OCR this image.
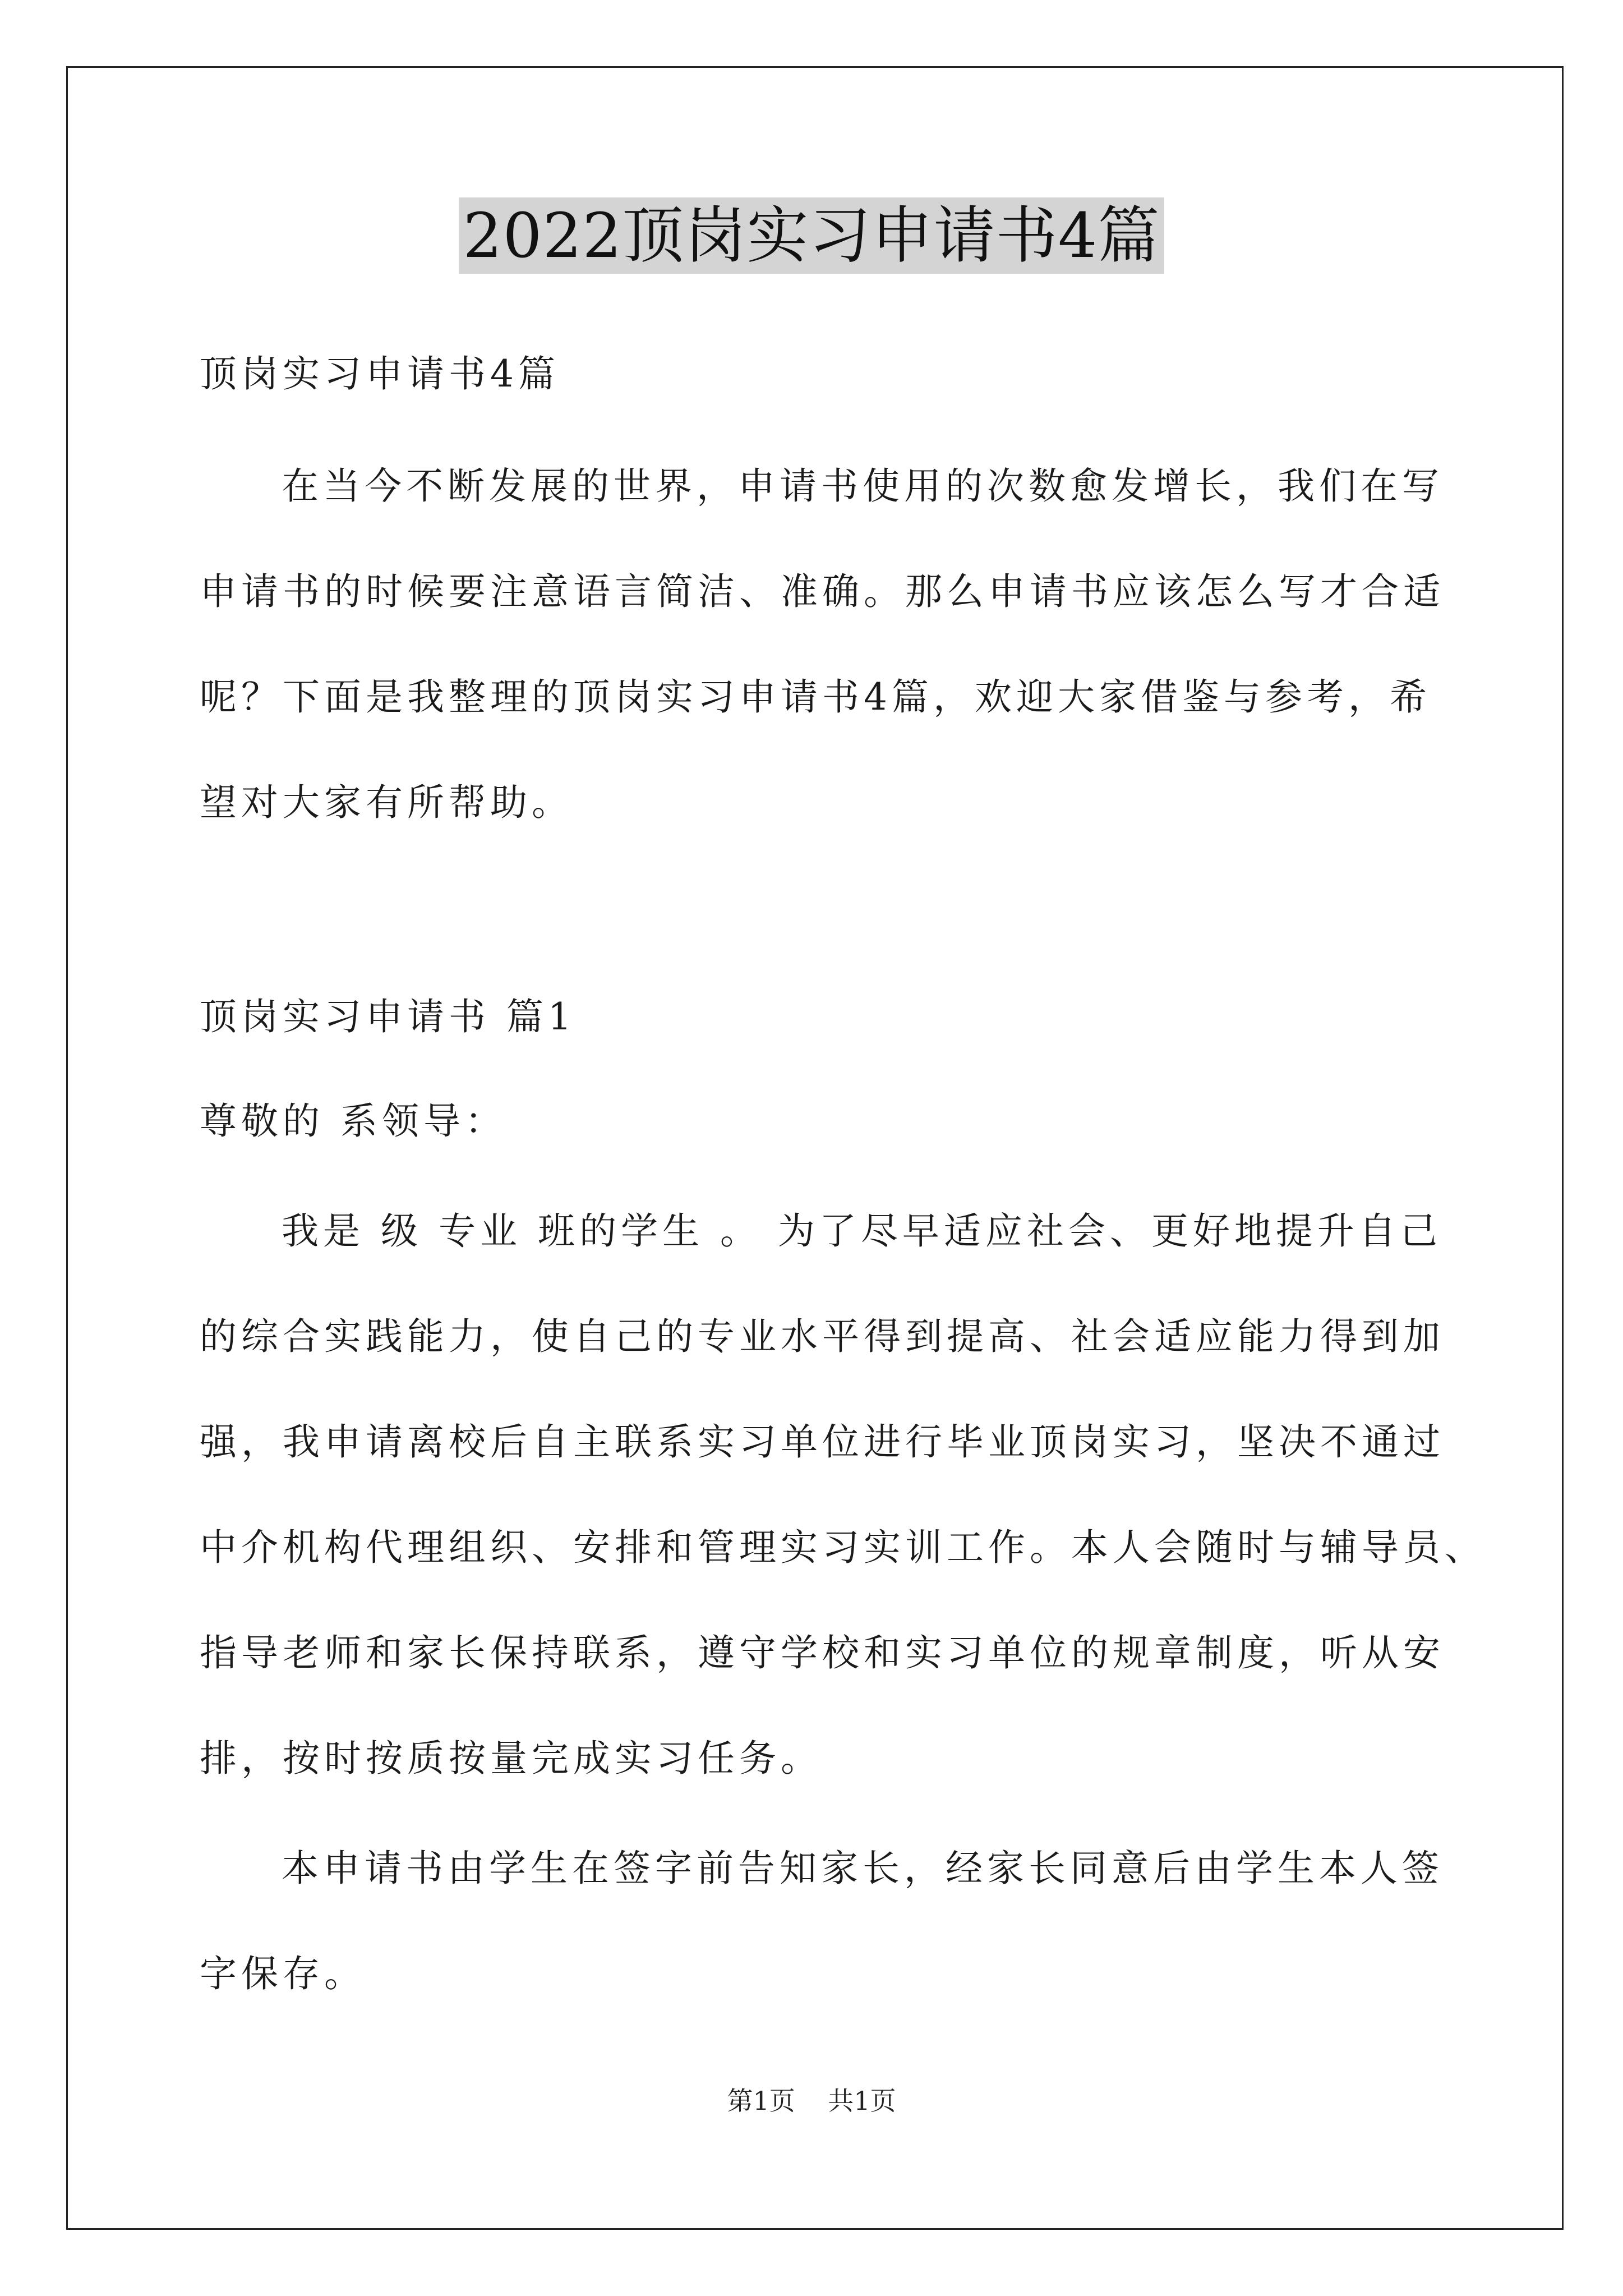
2022顶岗实习申请书4篇
顶岗实习申请书4篇
在当今不断发展的世界，申请书使用的次数愈发增长，我们在写
申请书的时候要注意语言简洁、准确。那么申请书应该怎么写才合适
呢？下面是我整理的顶岗实习申请书4篇，欢迎大家借鉴与参考，希
望对大家有所帮助。
顶岗实习申请书 篇1
尊敬的 系领导：
我是 级 专业 班的学生 。 为了尽早适应社会、更好地提升自己
的综合实践能力，使自己的专业水平得到提高、社会适应能力得到加
强，我申请离校后自主联系实习单位进行毕业顶岗实习，坚决不通过
中介机构代理组织、安排和管理实习实训工作。本人会随时与辅导员、
指导老师和家长保持联系，遵守学校和实习单位的规章制度，听从安
排，按时按质按量完成实习任务。
本申请书由学生在签字前告知家长，经家长同意后由学生本人签
字保存。
第1页    共1页
